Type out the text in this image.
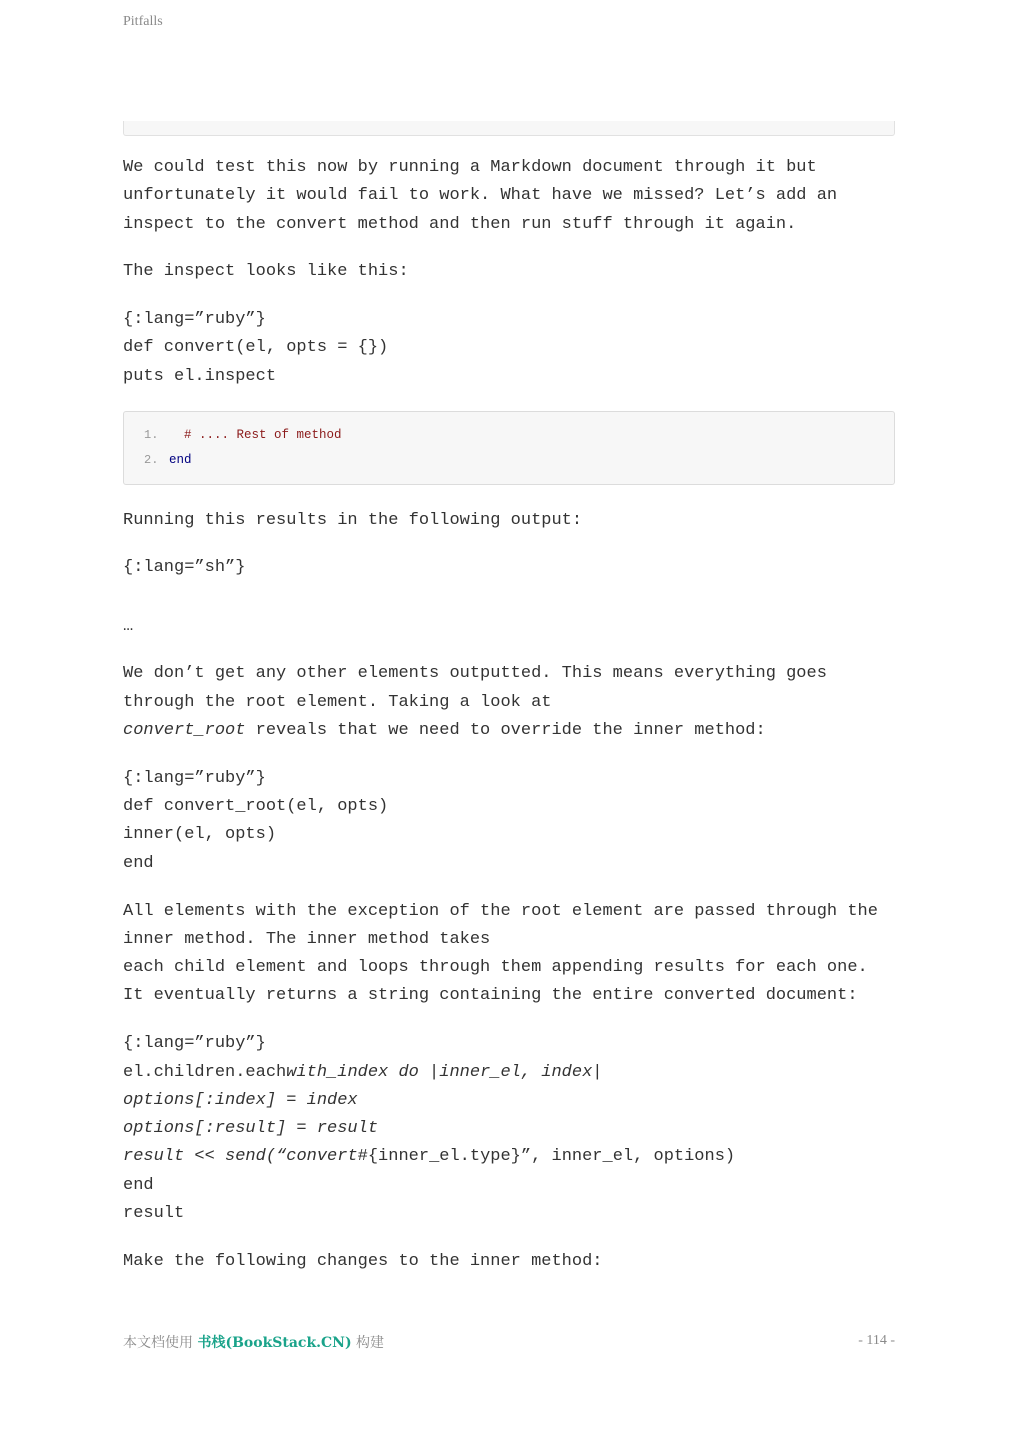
Pitfalls

We could test this now by running a Markdown document through it but unfortunately it would fail to work. What have we missed? Let’s add an inspect to the convert method and then run stuff through it again.

The inspect looks like this:

{:lang=”ruby”}

def convert(el, opts = {})

puts el.inspect

1. # .... Rest of method
2. end

Running this results in the following output:

{:lang=”sh”}

…

We don’t get any other elements outputted. This means everything goes

through the root element. Taking a look at

convert_root reveals that we need to override the inner method:

{:lang=”ruby”}

def convert_root(el, opts)

inner(el, opts)

end

All elements with the exception of the root element are passed through the

inner method. The inner method takes

each child element and loops through them appending results for each one.

It eventually returns a string containing the entire converted document:

{:lang=”ruby”}

el.children.eachwith_index do |inner_el, index|

options[:index] = index

options[:result] = result

result << send(“convert#{inner_el.type}”, inner_el, options)

end

result

Make the following changes to the inner method:

本文档使用 书栈(BookStack.CN) 构建	- 114 -
